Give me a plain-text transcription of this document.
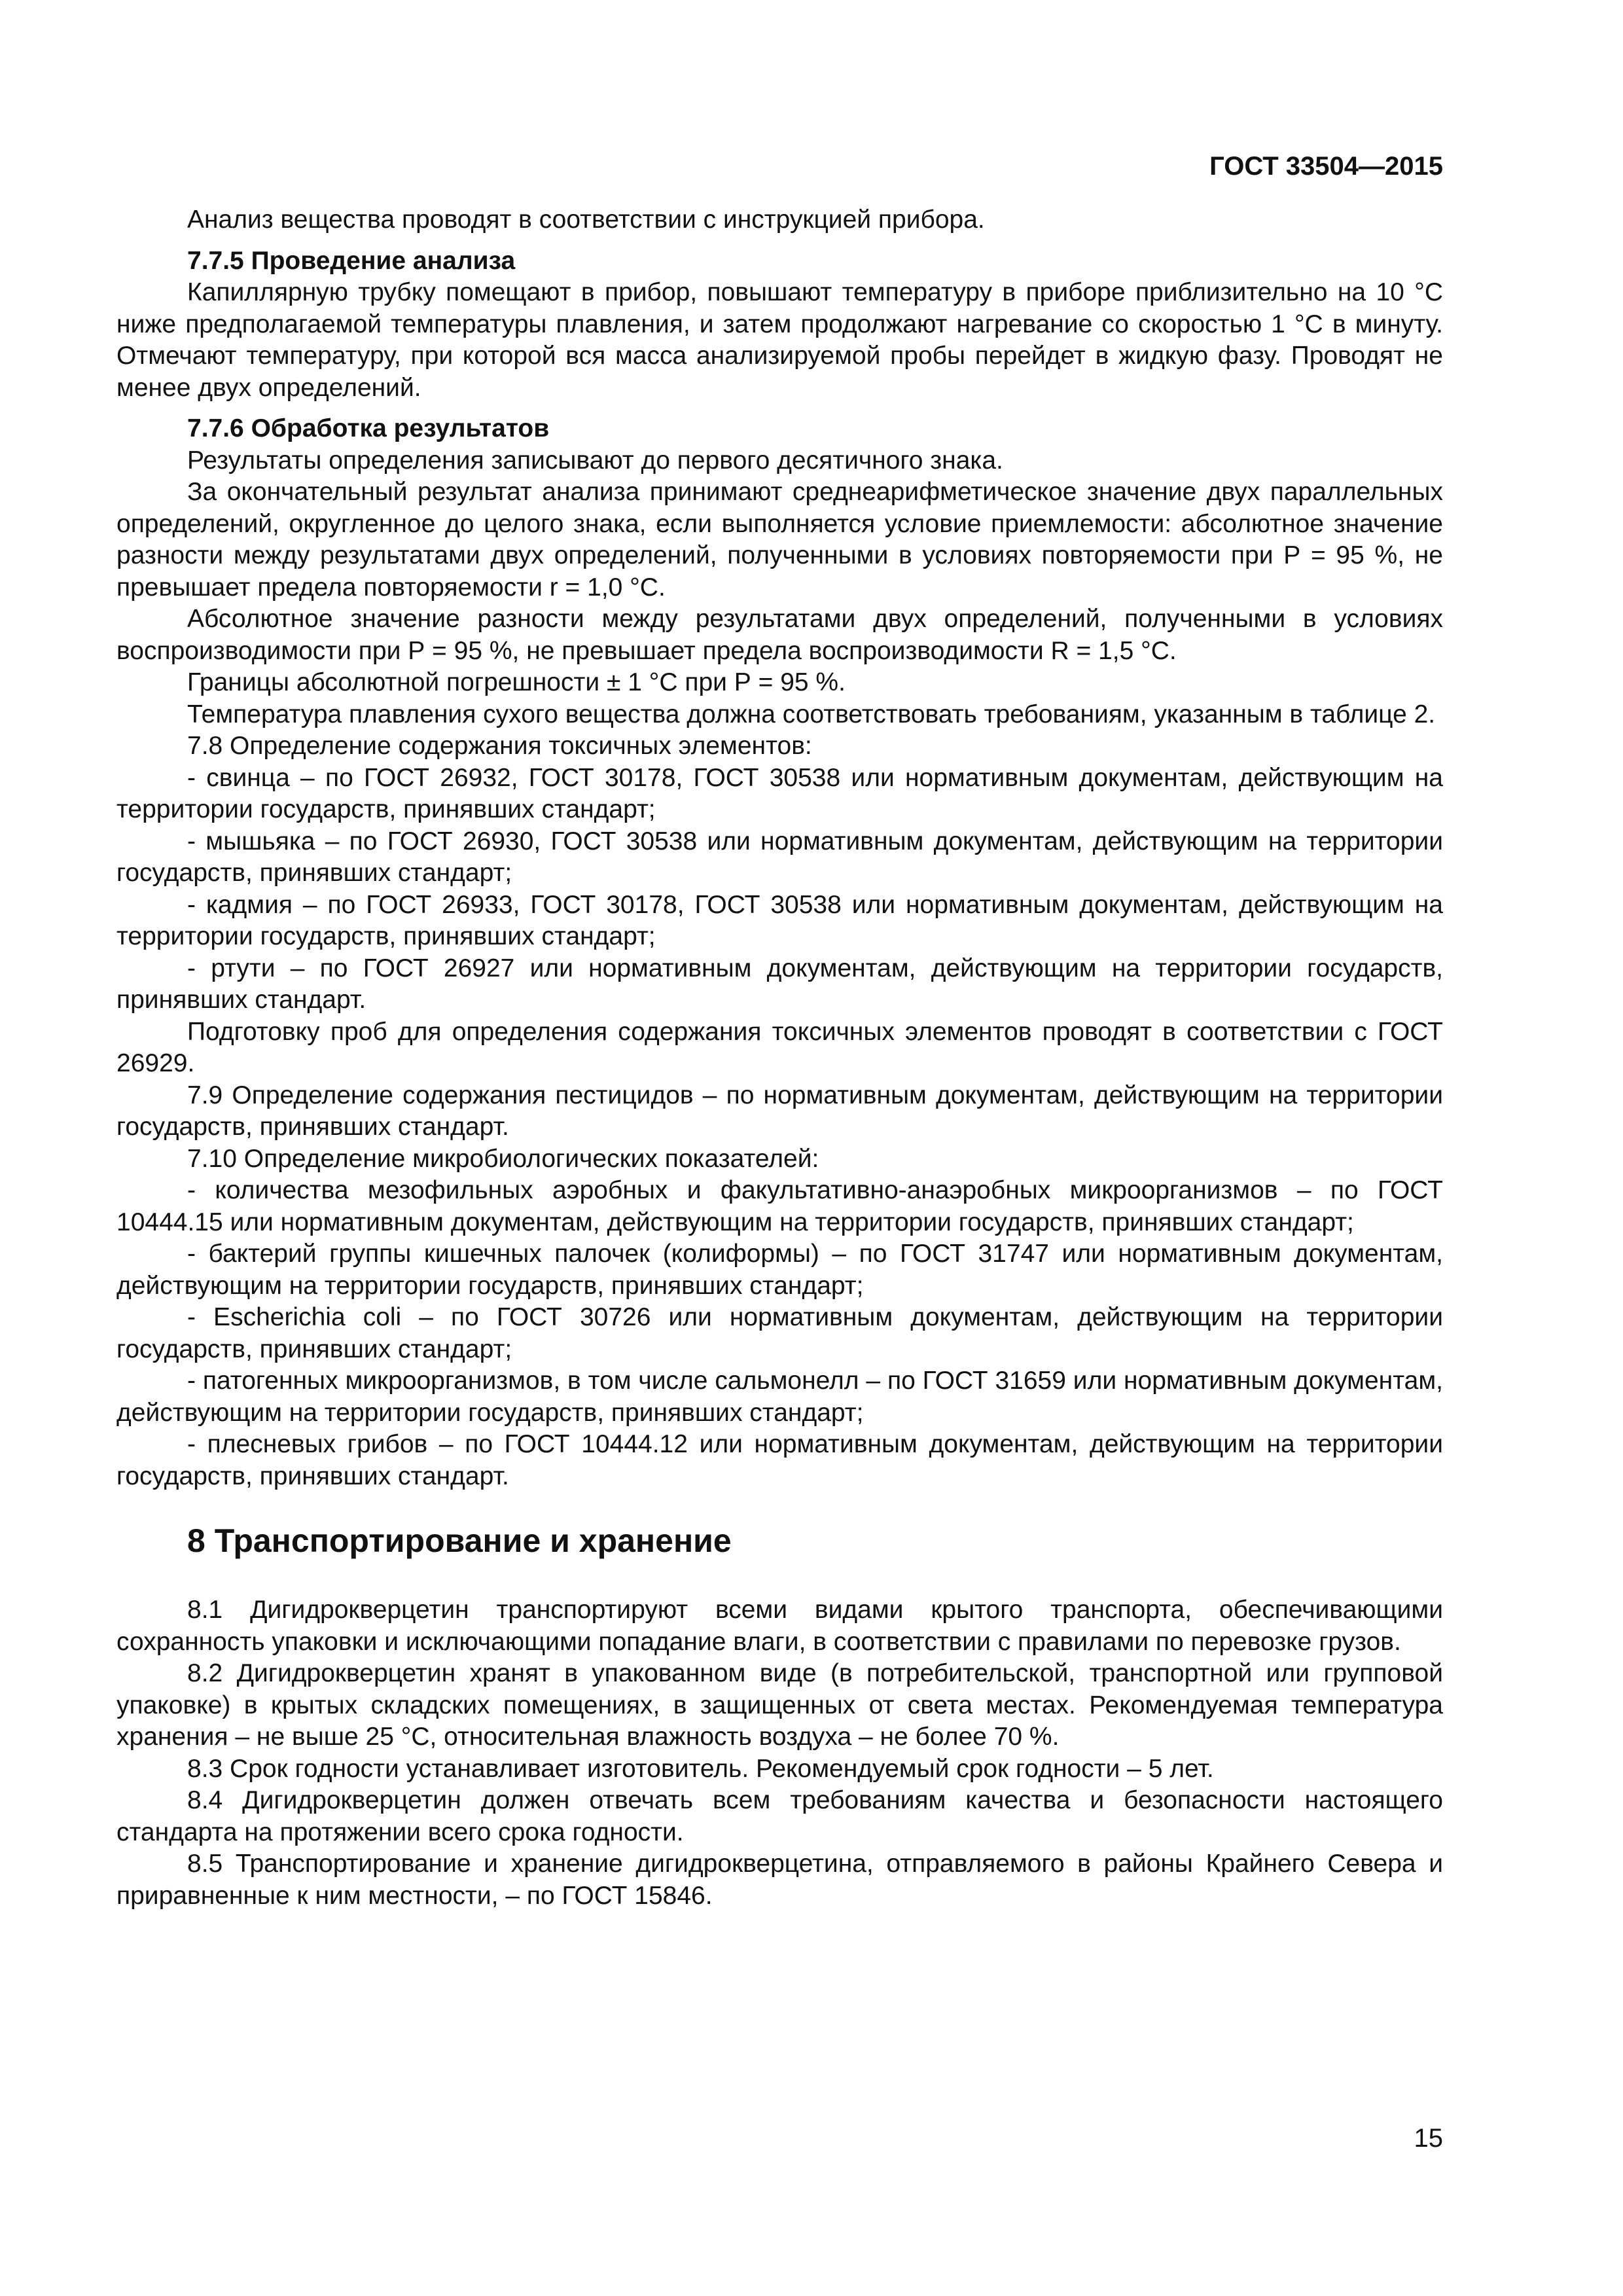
ГОСТ 33504—2015
Анализ вещества проводят в соответствии с инструкцией прибора.
7.7.5 Проведение анализа
Капиллярную трубку помещают в прибор, повышают температуру в приборе приблизительно на 10 °С ниже предполагаемой температуры плавления, и затем продолжают нагревание со скоростью 1 °С в минуту. Отмечают температуру, при которой вся масса анализируемой пробы перейдет в жидкую фазу. Проводят не менее двух определений.
7.7.6 Обработка результатов
Результаты определения записывают до первого десятичного знака.
За окончательный результат анализа принимают среднеарифметическое значение двух параллельных определений, округленное до целого знака, если выполняется условие приемлемости: абсолютное значение разности между результатами двух определений, полученными в условиях повторяемости при Р = 95 %, не превышает предела повторяемости r = 1,0 °С.
Абсолютное значение разности между результатами двух определений, полученными в условиях воспроизводимости при Р = 95 %, не превышает предела воспроизводимости R = 1,5 °С.
Границы абсолютной погрешности ± 1 °С при Р = 95 %.
Температура плавления сухого вещества должна соответствовать требованиям, указанным в таблице 2.
7.8 Определение содержания токсичных элементов:
- свинца – по ГОСТ 26932, ГОСТ 30178, ГОСТ 30538 или нормативным документам, действующим на территории государств, принявших стандарт;
- мышьяка – по ГОСТ 26930, ГОСТ 30538 или нормативным документам, действующим на территории государств, принявших стандарт;
- кадмия – по ГОСТ 26933, ГОСТ 30178, ГОСТ 30538 или нормативным документам, действующим на территории государств, принявших стандарт;
- ртути – по ГОСТ 26927 или нормативным документам, действующим на территории государств, принявших стандарт.
Подготовку проб для определения содержания токсичных элементов проводят в соответствии с ГОСТ 26929.
7.9 Определение содержания пестицидов – по нормативным документам, действующим на территории государств, принявших стандарт.
7.10 Определение микробиологических показателей:
- количества мезофильных аэробных и факультативно-анаэробных микроорганизмов – по ГОСТ 10444.15 или нормативным документам, действующим на территории государств, принявших стандарт;
- бактерий группы кишечных палочек (колиформы) – по ГОСТ 31747 или нормативным документам, действующим на территории государств, принявших стандарт;
- Escherichia coli – по ГОСТ 30726 или нормативным документам, действующим на территории государств, принявших стандарт;
- патогенных микроорганизмов, в том числе сальмонелл – по ГОСТ 31659 или нормативным документам, действующим на территории государств, принявших стандарт;
- плесневых грибов – по ГОСТ 10444.12 или нормативным документам, действующим на территории государств, принявших стандарт.
8 Транспортирование и хранение
8.1 Дигидрокверцетин транспортируют всеми видами крытого транспорта, обеспечивающими сохранность упаковки и исключающими попадание влаги, в соответствии с правилами по перевозке грузов.
8.2 Дигидрокверцетин хранят в упакованном виде (в потребительской, транспортной или групповой упаковке) в крытых складских помещениях, в защищенных от света местах. Рекомендуемая температура хранения – не выше 25 °С, относительная влажность воздуха – не более 70 %.
8.3 Срок годности устанавливает изготовитель. Рекомендуемый срок годности – 5 лет.
8.4 Дигидрокверцетин должен отвечать всем требованиям качества и безопасности настоящего стандарта на протяжении всего срока годности.
8.5 Транспортирование и хранение дигидрокверцетина, отправляемого в районы Крайнего Севера и приравненные к ним местности, – по ГОСТ 15846.
15
